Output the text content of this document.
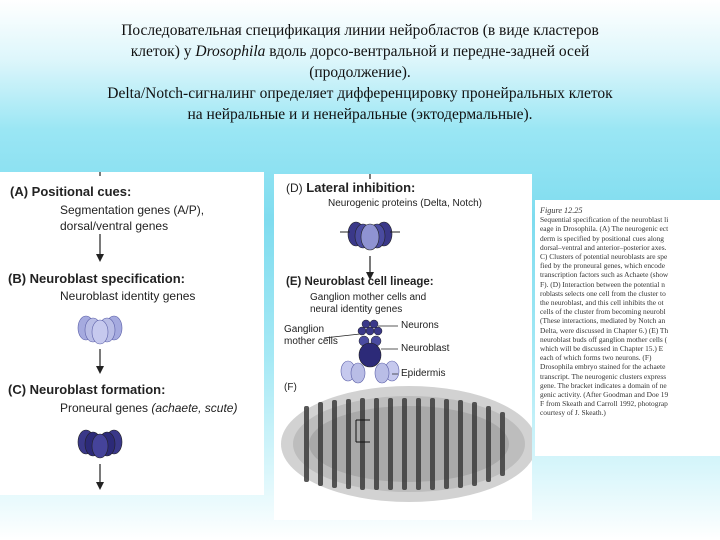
Последовательная спецификация линии нейробластов (в виде кластеров
клеток) у Drosophila вдоль дорсо-вентральной и передне-задней осей
(продолжение).
Delta/Notch-сигналинг определяет дифференцировку пронейральных клеток
на нейральные и и ненейральные (эктодермальные).
(A) Positional cues:
Segmentation genes (A/P),
dorsal/ventral genes
(B) Neuroblast specification:
Neuroblast identity genes
(C) Neuroblast formation:
Proneural genes (achaete, scute)
(D) Lateral inhibition:
Neurogenic proteins (Delta, Notch)
(E) Neuroblast cell lineage:
Ganglion mother cells and
neural identity genes
Ganglion
mother cells
Neurons
Neuroblast
Epidermis
(F)
Figure 12.25
Sequential specification of the neuroblast li
eage in Drosophila. (A) The neurogenic ect
derm is specified by positional cues along
dorsal–ventral and anterior–posterior axes.
C) Clusters of potential neuroblasts are spe
fied by the proneural genes, which encode
transcription factors such as Achaete (show
F). (D) Interaction between the potential n
roblasts selects one cell from the cluster to
the neuroblast, and this cell inhibits the ot
cells of the cluster from becoming neurobl
(These interactions, mediated by Notch an
Delta, were discussed in Chapter 6.) (E) Th
neuroblast buds off ganglion mother cells (
which will be discussed in Chapter 15.) E
each of which forms two neurons. (F)
Drosophila embryo stained for the achaete
transcript. The neurogenic clusters express
gene. The bracket indicates a domain of ne
genic activity. (After Goodman and Doe 19
F from Skeath and Carroll 1992, photograp
courtesy of J. Skeath.)
